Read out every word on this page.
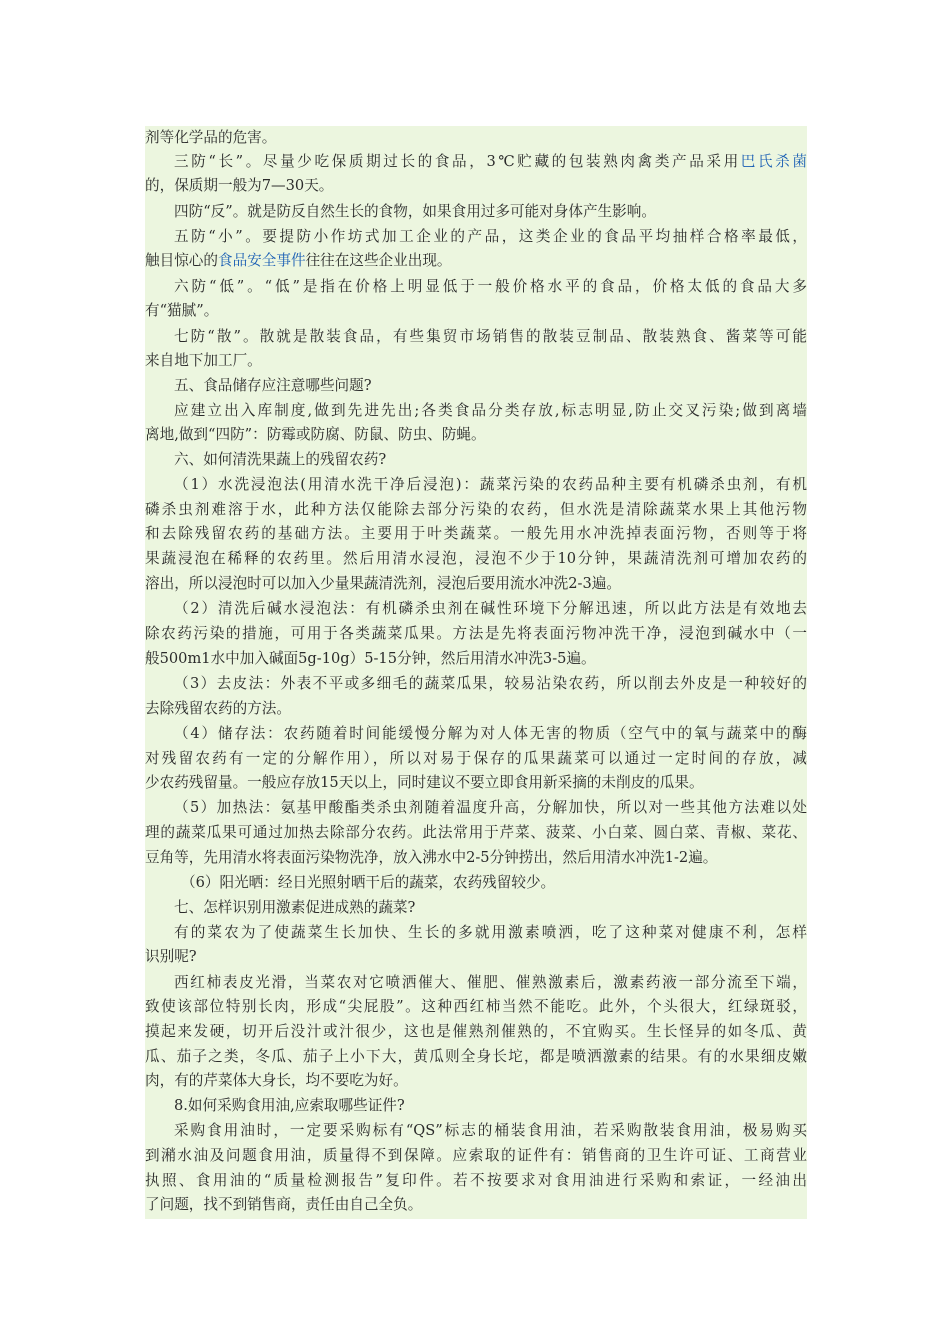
剂等化学品的危害。
三防“长”。尽量少吃保质期过长的食品，3℃贮藏的包装熟肉禽类产品采用巴氏杀菌
的，保质期一般为7—30天。
四防“反”。就是防反自然生长的食物，如果食用过多可能对身体产生影响。
五防“小”。要提防小作坊式加工企业的产品，这类企业的食品平均抽样合格率最低，
触目惊心的食品安全事件往往在这些企业出现。
六防“低”。“低”是指在价格上明显低于一般价格水平的食品，价格太低的食品大多
有“猫腻”。
七防“散”。散就是散装食品，有些集贸市场销售的散装豆制品、散装熟食、酱菜等可能
来自地下加工厂。
五、食品储存应注意哪些问题?
应建立出入库制度,做到先进先出;各类食品分类存放,标志明显,防止交叉污染;做到离墙
离地,做到“四防”：防霉或防腐、防鼠、防虫、防蝇。
六、如何清洗果蔬上的残留农药?
（1）水洗浸泡法(用清水洗干净后浸泡)：蔬菜污染的农药品种主要有机磷杀虫剂，有机
磷杀虫剂难溶于水，此种方法仅能除去部分污染的农药，但水洗是清除蔬菜水果上其他污物
和去除残留农药的基础方法。主要用于叶类蔬菜。一般先用水冲洗掉表面污物，否则等于将
果蔬浸泡在稀释的农药里。然后用清水浸泡，浸泡不少于10分钟，果蔬清洗剂可增加农药的
溶出，所以浸泡时可以加入少量果蔬清洗剂，浸泡后要用流水冲洗2-3遍。
（2）清洗后碱水浸泡法：有机磷杀虫剂在碱性环境下分解迅速，所以此方法是有效地去
除农药污染的措施，可用于各类蔬菜瓜果。方法是先将表面污物冲洗干净，浸泡到碱水中（一
般500m1水中加入碱面5g-10g）5-15分钟，然后用清水冲洗3-5遍。
（3）去皮法：外表不平或多细毛的蔬菜瓜果，较易沾染农药，所以削去外皮是一种较好的
去除残留农药的方法。
（4）储存法：农药随着时间能缓慢分解为对人体无害的物质（空气中的氧与蔬菜中的酶
对残留农药有一定的分解作用），所以对易于保存的瓜果蔬菜可以通过一定时间的存放，减
少农药残留量。一般应存放15天以上，同时建议不要立即食用新采摘的未削皮的瓜果。
（5）加热法：氨基甲酸酯类杀虫剂随着温度升高，分解加快，所以对一些其他方法难以处
理的蔬菜瓜果可通过加热去除部分农药。此法常用于芹菜、菠菜、小白菜、圆白菜、青椒、菜花、
豆角等，先用清水将表面污染物洗净，放入沸水中2-5分钟捞出，然后用清水冲洗1-2遍。
（6）阳光晒：经日光照射晒干后的蔬菜，农药残留较少。
七、怎样识别用激素促进成熟的蔬菜?
有的菜农为了使蔬菜生长加快、生长的多就用激素喷洒，吃了这种菜对健康不利，怎样
识别呢?
西红柿表皮光滑，当菜农对它喷洒催大、催肥、催熟激素后，激素药液一部分流至下端，
致使该部位特别长肉，形成“尖屁股”。这种西红柿当然不能吃。此外，个头很大，红绿斑驳，
摸起来发硬，切开后没汁或汁很少，这也是催熟剂催熟的，不宜购买。生长怪异的如冬瓜、黄
瓜、茄子之类，冬瓜、茄子上小下大，黄瓜则全身长坨，都是喷洒激素的结果。有的水果细皮嫩
肉，有的芹菜体大身长，均不要吃为好。
8.如何采购食用油,应索取哪些证件?
采购食用油时，一定要采购标有“QS”标志的桶装食用油，若采购散装食用油，极易购买
到潲水油及问题食用油，质量得不到保障。应索取的证件有：销售商的卫生许可证、工商营业
执照、食用油的“质量检测报告”复印件。若不按要求对食用油进行采购和索证，一经油出
了问题，找不到销售商，责任由自己全负。
